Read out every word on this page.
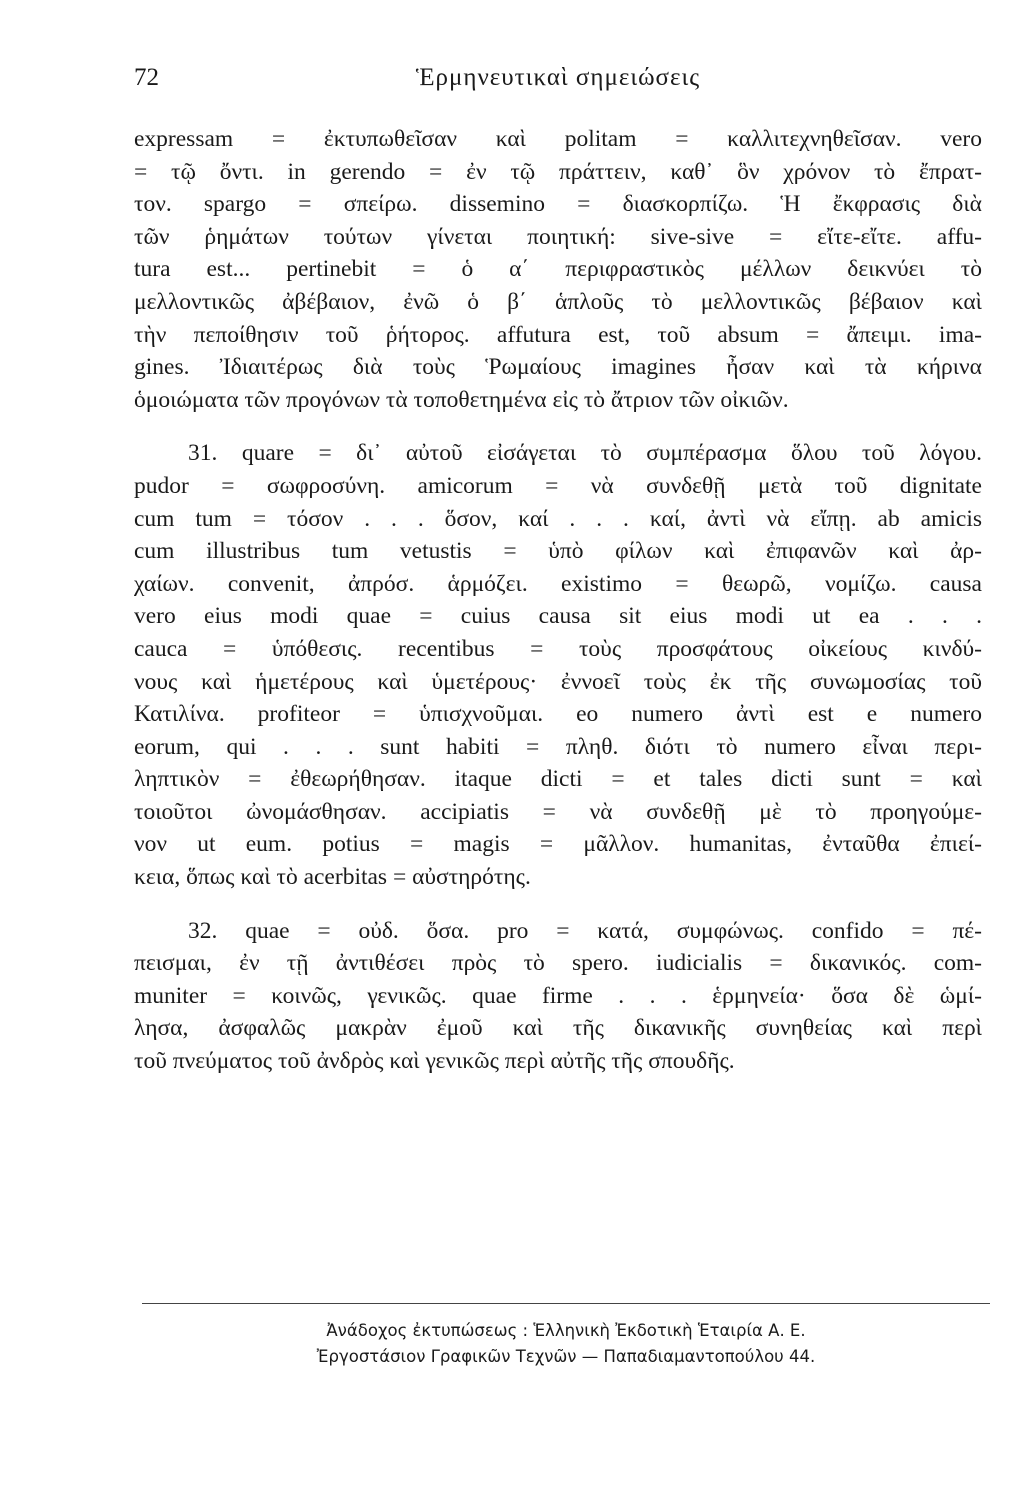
72	Ἑρμηνευτικαὶ σημειώσεις
expressam = ἐκτυπωθεῖσαν καὶ politam = καλλιτεχνηθεῖσαν. vero
= τῷ ὄντι. in gerendo = ἐν τῷ πράττειν, καθ᾽ ὃν χρόνον τὸ ἔπρατ-
τον. spargo = σπείρω. dissemino = διασκορπίζω. Ἡ ἔκφρασις διὰ
τῶν ῥημάτων τούτων γίνεται ποιητική: sive-sive = εἴτε-εἴτε. affu-
tura est... pertinebit = ὁ α΄ περιφραστικὸς μέλλων δεικνύει τὸ
μελλοντικῶς ἀβέβαιον, ἐνῶ ὁ β΄ ἁπλοῦς τὸ μελλοντικῶς βέβαιον καὶ
τὴν πεποίθησιν τοῦ ῥήτορος. affutura est, τοῦ absum = ἄπειμι. ima-
gines. Ἰδιαιτέρως διὰ τοὺς Ῥωμαίους imagines ἦσαν καὶ τὰ κήρινα
ὁμοιώματα τῶν προγόνων τὰ τοποθετημένα εἰς τὸ ἄτριον τῶν οἰκιῶν.
31. quare = δι᾽ αὐτοῦ εἰσάγεται τὸ συμπέρασμα ὅλου τοῦ λόγου.
pudor = σωφροσύνη. amicorum = νὰ συνδεθῇ μετὰ τοῦ dignitate
cum tum = τόσον . . . ὅσον, καί . . . καί, ἀντὶ νὰ εἴπῃ. ab amicis
cum illustribus tum vetustis = ὑπὸ φίλων καὶ ἐπιφανῶν καὶ ἀρ-
χαίων. convenit, ἀπρόσ. ἁρμόζει. existimo = θεωρῶ, νομίζω. causa
vero eius modi quae = cuius causa sit eius modi ut ea . . .
cauca = ὑπόθεσις. recentibus = τοὺς προσφάτους οἰκείους κινδύ-
νους καὶ ἡμετέρους καὶ ὑμετέρους· ἐννοεῖ τοὺς ἐκ τῆς συνωμοσίας τοῦ
Κατιλίνα. profiteor = ὑπισχνοῦμαι. eo numero ἀντὶ est e numero
eorum, qui . . . sunt habiti = πληθ. διότι τὸ numero εἶναι περι-
ληπτικὸν = ἐθεωρήθησαν. itaque dicti = et tales dicti sunt = καὶ
τοιοῦτοι ὠνομάσθησαν. accipiatis = νὰ συνδεθῇ μὲ τὸ προηγούμε-
νον ut eum. potius = magis = μᾶλλον. humanitas, ἐνταῦθα ἐπιεί-
κεια, ὅπως καὶ τὸ acerbitas = αὐστηρότης.
32. quae = οὐδ. ὅσα. pro = κατά, συμφώνως. confido = πέ-
πεισμαι, ἐν τῇ ἀντιθέσει πρὸς τὸ spero. iudicialis = δικανικός. com-
muniter = κοινῶς, γενικῶς. quae firme . . . ἑρμηνεία· ὅσα δὲ ὡμί-
λησα, ἀσφαλῶς μακρὰν ἐμοῦ καὶ τῆς δικανικῆς συνηθείας καὶ περὶ
τοῦ πνεύματος τοῦ ἀνδρὸς καὶ γενικῶς περὶ αὐτῆς τῆς σπουδῆς.
Ἀνάδοχος ἐκτυπώσεως : Ἑλληνικὴ Ἐκδοτικὴ Ἑταιρία Α. Ε.
Ἐργοστάσιον Γραφικῶν Τεχνῶν — Παπαδιαμαντοπούλου 44.
